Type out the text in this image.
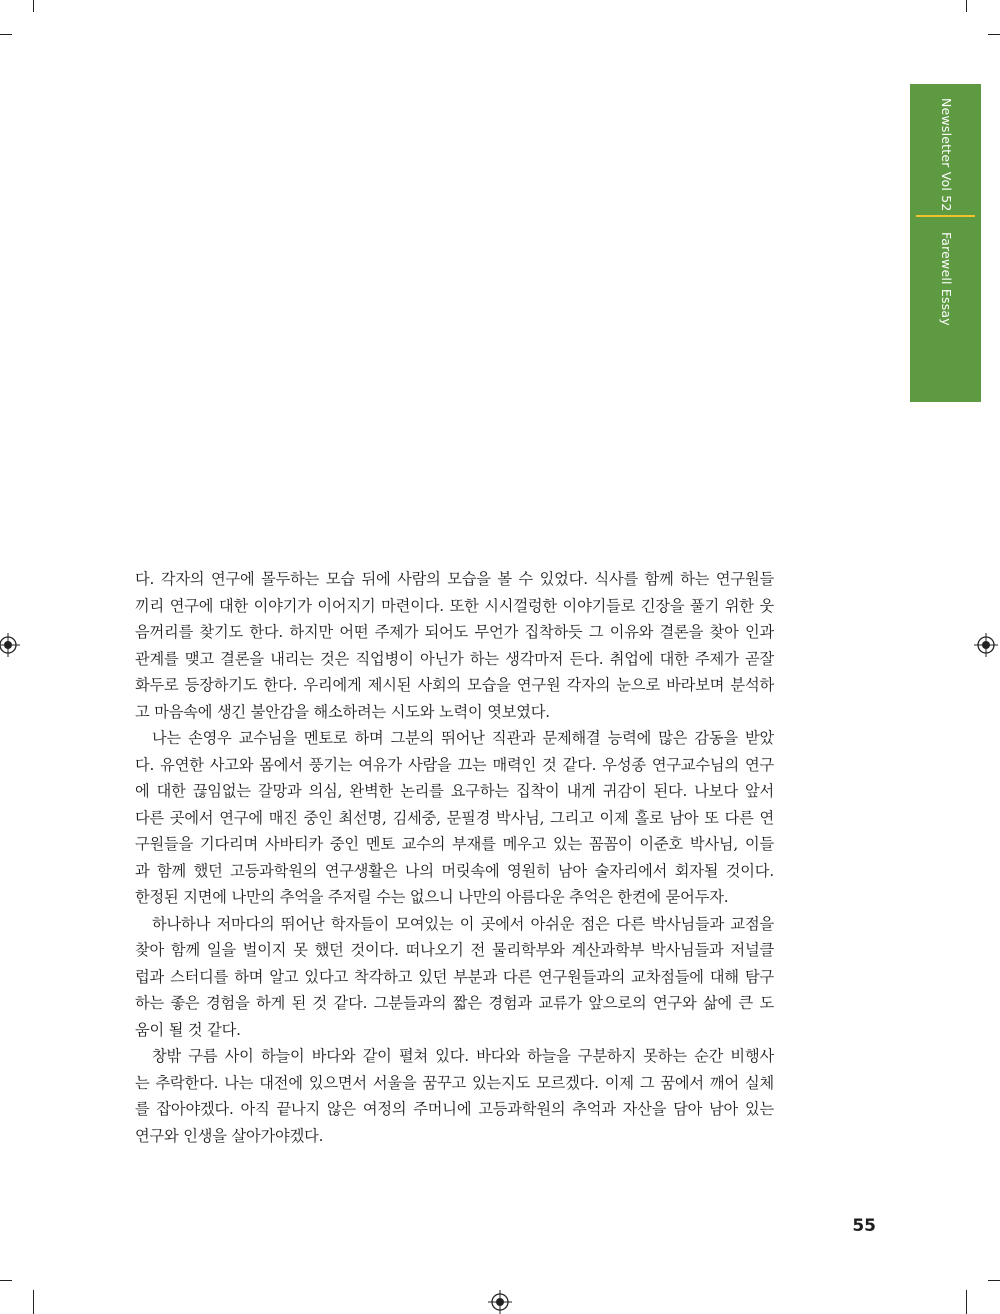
Newsletter Vol 52
Farewell Essay
다. 각자의 연구에 몰두하는 모습 뒤에 사람의 모습을 볼 수 있었다. 식사를 함께 하는 연구원들
끼리 연구에 대한 이야기가 이어지기 마련이다. 또한 시시껄렁한 이야기들로 긴장을 풀기 위한 웃
음꺼리를 찾기도 한다. 하지만 어떤 주제가 되어도 무언가 집착하듯 그 이유와 결론을 찾아 인과
관계를 맺고 결론을 내리는 것은 직업병이 아닌가 하는 생각마저 든다. 취업에 대한 주제가 곧잘
화두로 등장하기도 한다. 우리에게 제시된 사회의 모습을 연구원 각자의 눈으로 바라보며 분석하
고 마음속에 생긴 불안감을 해소하려는 시도와 노력이 엿보였다.
나는 손영우 교수님을 멘토로 하며 그분의 뛰어난 직관과 문제해결 능력에 많은 감동을 받았
다. 유연한 사고와 몸에서 풍기는 여유가 사람을 끄는 매력인 것 같다. 우성종 연구교수님의 연구
에 대한 끊임없는 갈망과 의심, 완벽한 논리를 요구하는 집착이 내게 귀감이 된다. 나보다 앞서
다른 곳에서 연구에 매진 중인 최선명, 김세중, 문필경 박사님, 그리고 이제 홀로 남아 또 다른 연
구원들을 기다리며 사바티카 중인 멘토 교수의 부재를 메우고 있는 꼼꼼이 이준호 박사님, 이들
과 함께 했던 고등과학원의 연구생활은 나의 머릿속에 영원히 남아 술자리에서 회자될 것이다.
한정된 지면에 나만의 추억을 주저릴 수는 없으니 나만의 아름다운 추억은 한켠에 묻어두자.
하나하나 저마다의 뛰어난 학자들이 모여있는 이 곳에서 아쉬운 점은 다른 박사님들과 교점을
찾아 함께 일을 벌이지 못 했던 것이다. 떠나오기 전 물리학부와 계산과학부 박사님들과 저널클
럽과 스터디를 하며 알고 있다고 착각하고 있던 부분과 다른 연구원들과의 교차점들에 대해 탐구
하는 좋은 경험을 하게 된 것 같다. 그분들과의 짧은 경험과 교류가 앞으로의 연구와 삶에 큰 도
움이 될 것 같다.
창밖 구름 사이 하늘이 바다와 같이 펼쳐 있다. 바다와 하늘을 구분하지 못하는 순간 비행사
는 추락한다. 나는 대전에 있으면서 서울을 꿈꾸고 있는지도 모르겠다. 이제 그 꿈에서 깨어 실체
를 잡아야겠다. 아직 끝나지 않은 여정의 주머니에 고등과학원의 추억과 자산을 담아 남아 있는
연구와 인생을 살아가야겠다.
55
